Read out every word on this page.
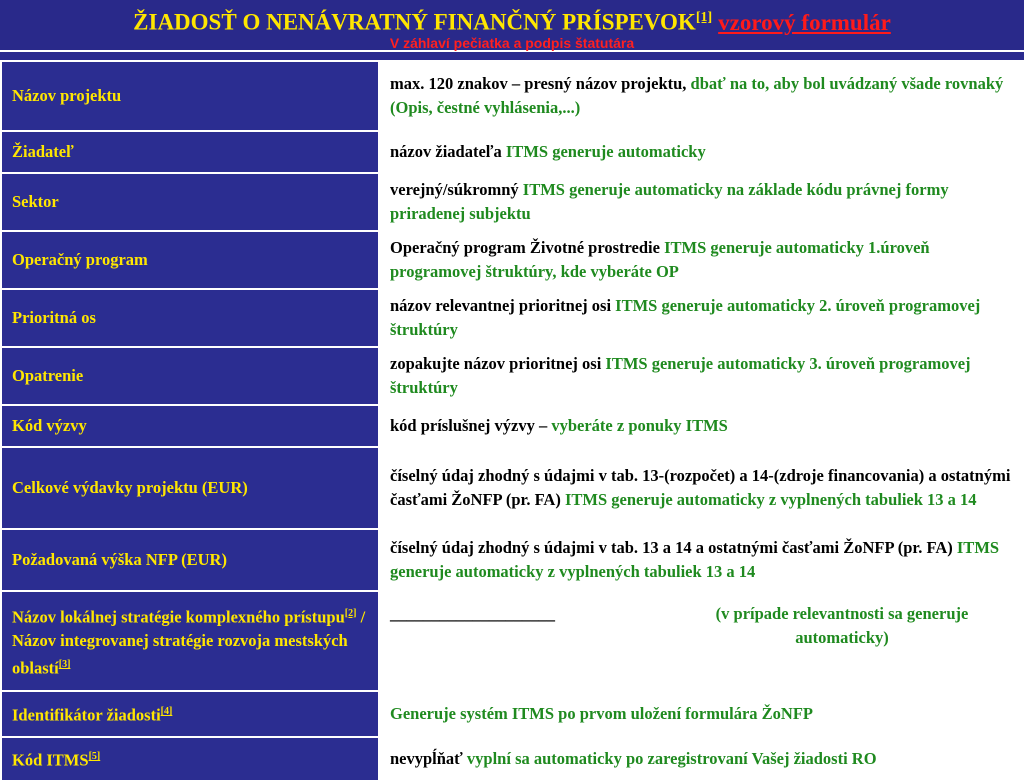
ŽIADOSŤ O NENÁVRATNÝ FINANČNÝ PRÍSPEVOK[1] vzorový formulár
V záhlaví pečiatka a podpis štatutára
Názov projektu	max. 120 znakov – presný názov projektu, dbať na to, aby bol uvádzaný všade rovnaký (Opis, čestné vyhlásenia,...)
Žiadateľ	názov žiadateľa ITMS generuje automaticky
Sektor	verejný/súkromný ITMS generuje automaticky na základe kódu právnej formy priradenej subjektu
Operačný program	Operačný program Životné prostredie ITMS generuje automaticky 1.úroveň programovej štruktúry, kde vyberáte OP
Prioritná os	názov relevantnej prioritnej osi ITMS generuje automaticky 2. úroveň programovej štruktúry
Opatrenie	zopakujte názov prioritnej osi ITMS generuje automaticky 3. úroveň programovej štruktúry
Kód výzvy	kód príslušnej výzvy – vyberáte z ponuky ITMS
Celkové výdavky projektu (EUR)	číselný údaj zhodný s údajmi v tab. 13-(rozpočet) a 14-(zdroje financovania) a ostatnými časťami ŽoNFP (pr. FA) ITMS generuje automaticky z vyplnených tabuliek 13 a 14
Požadovaná výška NFP (EUR)	číselný údaj zhodný s údajmi v tab. 13 a 14 a ostatnými časťami ŽoNFP (pr. FA) ITMS generuje automaticky z vyplnených tabuliek 13 a 14
Názov lokálnej stratégie komplexného prístupu[2] / Názov integrovanej stratégie rozvoja mestských oblastí[3]	____________________ (v prípade relevantnosti sa generuje automaticky)

Identifikátor žiadosti[4]	Generuje systém ITMS po prvom uložení formulára ŽoNFP
Kód ITMS[5]	nevypĺňať vyplní sa automaticky po zaregistrovaní Vašej žiadosti RO
